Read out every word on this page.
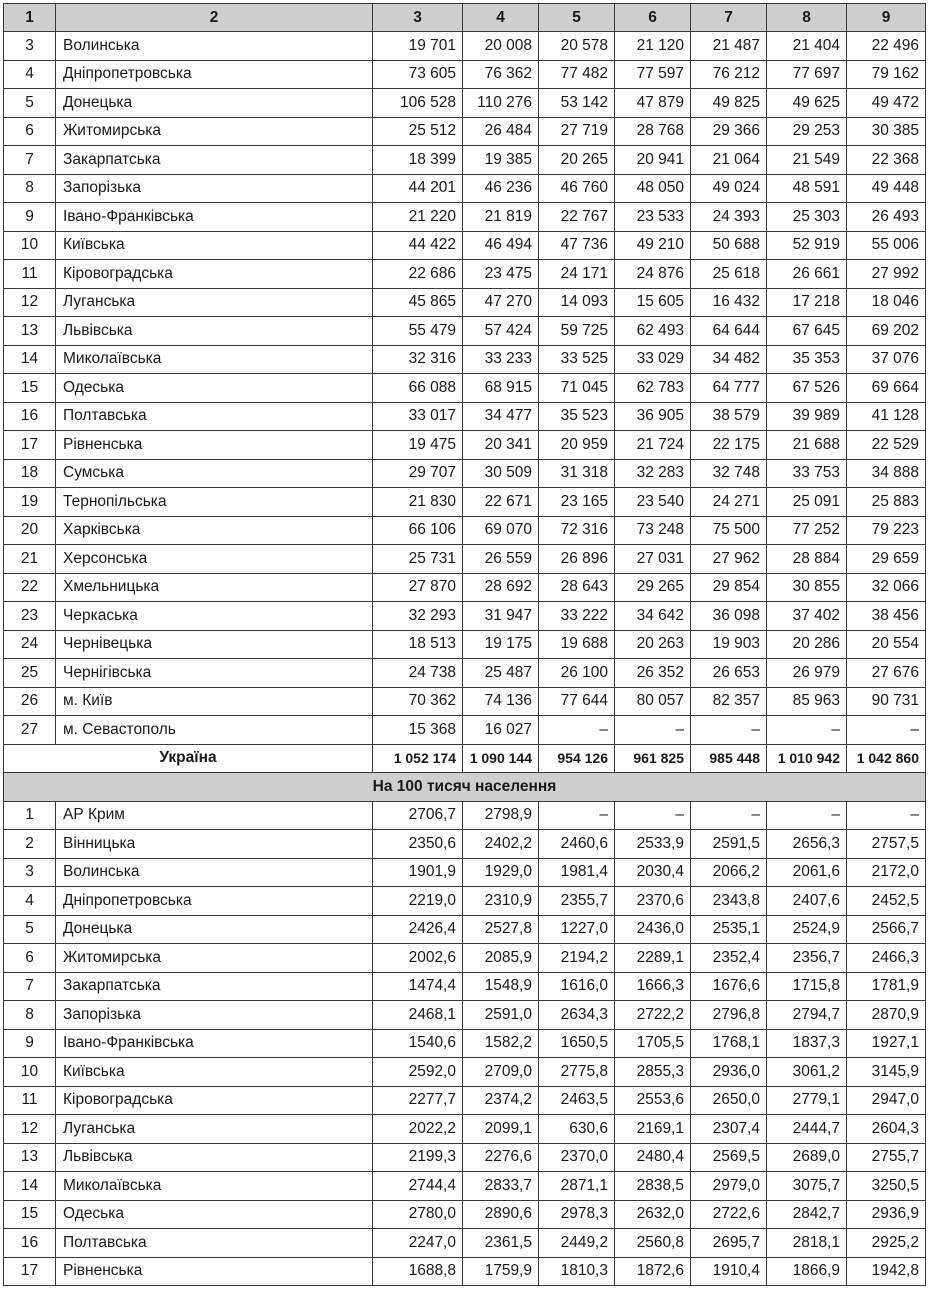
1	2	3	4	5	6	7	8	9
3	Волинська	19 701	20 008	20 578	21 120	21 487	21 404	22 496
4	Дніпропетровська	73 605	76 362	77 482	77 597	76 212	77 697	79 162
5	Донецька	106 528	110 276	53 142	47 879	49 825	49 625	49 472
6	Житомирська	25 512	26 484	27 719	28 768	29 366	29 253	30 385
7	Закарпатська	18 399	19 385	20 265	20 941	21 064	21 549	22 368
8	Запорізька	44 201	46 236	46 760	48 050	49 024	48 591	49 448
9	Івано-Франківська	21 220	21 819	22 767	23 533	24 393	25 303	26 493
10	Київська	44 422	46 494	47 736	49 210	50 688	52 919	55 006
11	Кіровоградська	22 686	23 475	24 171	24 876	25 618	26 661	27 992
12	Луганська	45 865	47 270	14 093	15 605	16 432	17 218	18 046
13	Львівська	55 479	57 424	59 725	62 493	64 644	67 645	69 202
14	Миколаївська	32 316	33 233	33 525	33 029	34 482	35 353	37 076
15	Одеська	66 088	68 915	71 045	62 783	64 777	67 526	69 664
16	Полтавська	33 017	34 477	35 523	36 905	38 579	39 989	41 128
17	Рівненська	19 475	20 341	20 959	21 724	22 175	21 688	22 529
18	Сумська	29 707	30 509	31 318	32 283	32 748	33 753	34 888
19	Тернопільська	21 830	22 671	23 165	23 540	24 271	25 091	25 883
20	Харківська	66 106	69 070	72 316	73 248	75 500	77 252	79 223
21	Херсонська	25 731	26 559	26 896	27 031	27 962	28 884	29 659
22	Хмельницька	27 870	28 692	28 643	29 265	29 854	30 855	32 066
23	Черкаська	32 293	31 947	33 222	34 642	36 098	37 402	38 456
24	Чернівецька	18 513	19 175	19 688	20 263	19 903	20 286	20 554
25	Чернігівська	24 738	25 487	26 100	26 352	26 653	26 979	27 676
26	м. Київ	70 362	74 136	77 644	80 057	82 357	85 963	90 731
27	м. Севастополь	15 368	16 027	–	–	–	–	–
Україна		1 052 174	1 090 144	954 126	961 825	985 448	1 010 942	1 042 860
На 100 тисяч населення								
1	АР Крим	2706,7	2798,9	–	–	–	–	–
2	Вінницька	2350,6	2402,2	2460,6	2533,9	2591,5	2656,3	2757,5
3	Волинська	1901,9	1929,0	1981,4	2030,4	2066,2	2061,6	2172,0
4	Дніпропетровська	2219,0	2310,9	2355,7	2370,6	2343,8	2407,6	2452,5
5	Донецька	2426,4	2527,8	1227,0	2436,0	2535,1	2524,9	2566,7
6	Житомирська	2002,6	2085,9	2194,2	2289,1	2352,4	2356,7	2466,3
7	Закарпатська	1474,4	1548,9	1616,0	1666,3	1676,6	1715,8	1781,9
8	Запорізька	2468,1	2591,0	2634,3	2722,2	2796,8	2794,7	2870,9
9	Івано-Франківська	1540,6	1582,2	1650,5	1705,5	1768,1	1837,3	1927,1
10	Київська	2592,0	2709,0	2775,8	2855,3	2936,0	3061,2	3145,9
11	Кіровоградська	2277,7	2374,2	2463,5	2553,6	2650,0	2779,1	2947,0
12	Луганська	2022,2	2099,1	630,6	2169,1	2307,4	2444,7	2604,3
13	Львівська	2199,3	2276,6	2370,0	2480,4	2569,5	2689,0	2755,7
14	Миколаївська	2744,4	2833,7	2871,1	2838,5	2979,0	3075,7	3250,5
15	Одеська	2780,0	2890,6	2978,3	2632,0	2722,6	2842,7	2936,9
16	Полтавська	2247,0	2361,5	2449,2	2560,8	2695,7	2818,1	2925,2
17	Рівненська	1688,8	1759,9	1810,3	1872,6	1910,4	1866,9	1942,8
